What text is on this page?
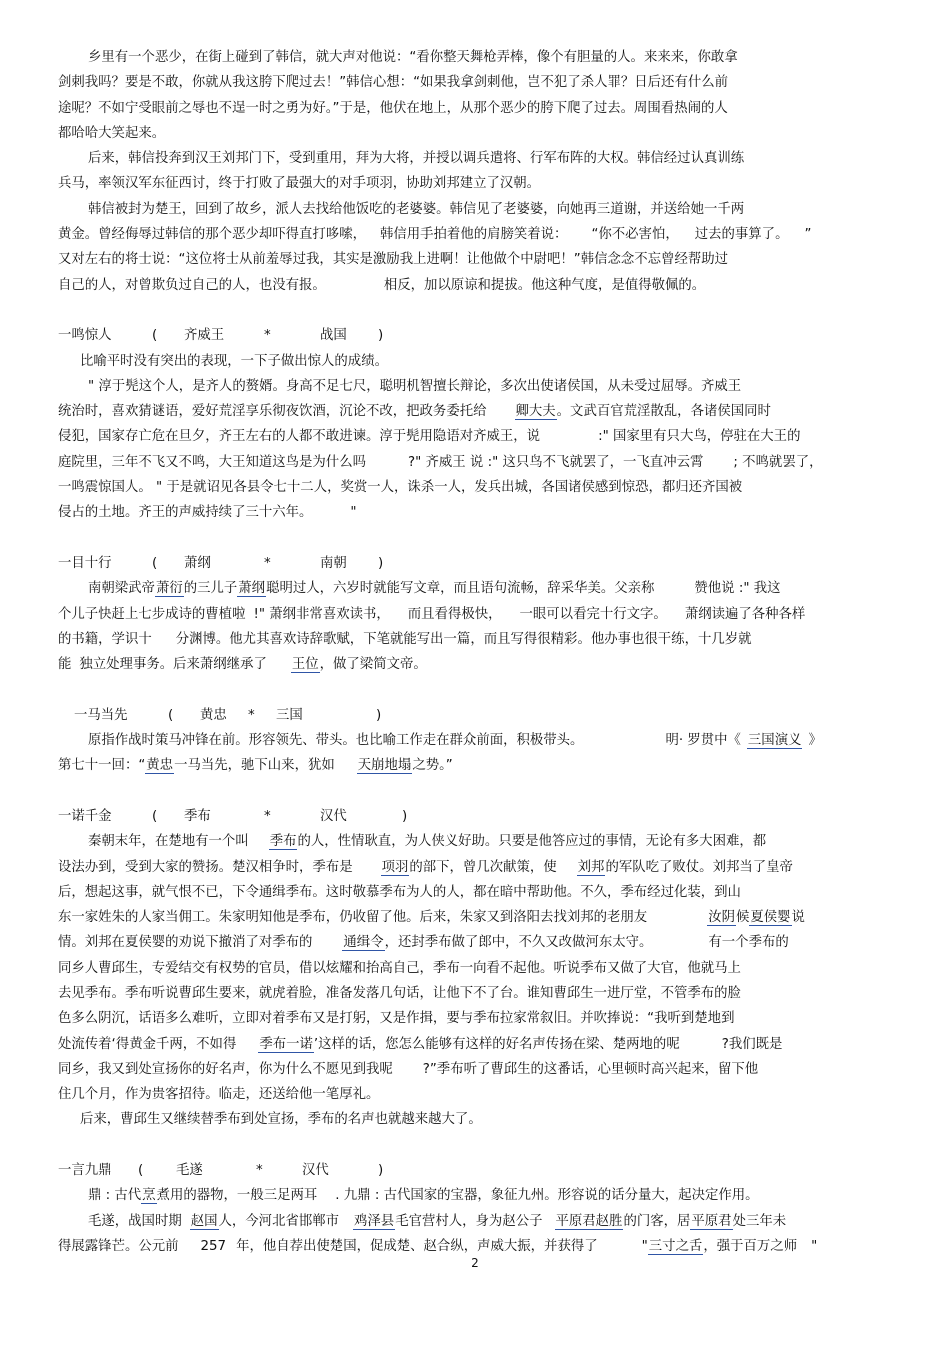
乡里有一个恶少，在街上碰到了韩信，就大声对他说：“看你整天舞枪弄棒，像个有胆量的人。来来来，你敢拿
剑刺我吗？要是不敢，你就从我这胯下爬过去！”韩信心想：“如果我拿剑刺他，岂不犯了杀人罪？日后还有什么前
途呢？不如宁受眼前之辱也不逞一时之勇为好。”于是，他伏在地上，从那个恶少的胯下爬了过去。周围看热闹的人
都哈哈大笑起来。
后来，韩信投奔到汉王刘邦门下，受到重用，拜为大将，并授以调兵遣将、行军布阵的大权。韩信经过认真训练
兵马，率领汉军东征西讨，终于打败了最强大的对手项羽，协助刘邦建立了汉朝。
韩信被封为楚王，回到了故乡，派人去找给他饭吃的老婆婆。韩信见了老婆婆，向她再三道谢，并送给她一千两
黄金。曾经侮辱过韩信的那个恶少却吓得直打哆嗦， 韩信用手拍着他的肩膀笑着说： “你不必害怕， 过去的事算了。 ”
又对左右的将士说：“这位将士从前羞辱过我，其实是激励我上进啊！让他做个中尉吧！”韩信念念不忘曾经帮助过
自己的人，对曾欺负过自己的人，也没有报。	相反，加以原谅和提拔。他这种气度，是值得敬佩的。
一鸣惊人	( 齐威王	*	战国 )
比喻平时没有突出的表现，一下子做出惊人的成绩。
" 淳于髡这个人，是齐人的赘婿。身高不足七尺，聪明机智擅长辩论，多次出使诸侯国，从未受过屈辱。齐威王
统治时，喜欢猜谜语，爱好荒淫享乐彻夜饮酒，沉论不改，把政务委托给 卿大夫。文武百官荒淫散乱，各诸侯国同时
侵犯，国家存亡危在旦夕，齐王左右的人都不敢进谏。淳于髡用隐语对齐威王，说	:" 国家里有只大鸟，停驻在大王的
庭院里，三年不飞又不鸣，大王知道这鸟是为什么吗	?" 齐威王 说 :" 这只鸟不飞就罢了，一飞直冲云霄 ; 不鸣就罢了，
一鸣震惊国人。 " 于是就诏见各县令七十二人，奖赏一人，诛杀一人，发兵出城，各国诸侯感到惊恐，都归还齐国被
侵占的土地。齐王的声威持续了三十六年。	"
一目十行	( 萧纲	*	南朝 )
南朝梁武帝萧衍的三儿子萧纲聪明过人，六岁时就能写文章，而且语句流畅，辞采华美。父亲称	赞他说 :" 我这
个儿子快赶上七步成诗的曹植啦 !" 萧纲非常喜欢读书， 而且看得极快， 一眼可以看完十行文字。 萧纲读遍了各种各样
的书籍，学识十 分渊博。他尤其喜欢诗辞歌赋，下笔就能写出一篇，而且写得很精彩。他办事也很干练，十几岁就
能 独立处理事务。后来萧纲继承了 王位，做了梁简文帝。
一马当先	( 黄忠 * 三国	)
原指作战时策马冲锋在前。形容领先、带头。也比喻工作走在群众前面，积极带头。	明· 罗贯中《 三国演义 》
第七十一回：“黄忠一马当先，驰下山来，犹如 天崩地塌之势。”
一诺千金	( 季布	*	汉代	)
秦朝末年，在楚地有一个叫 季布的人，性情耿直，为人侠义好助。只要是他答应过的事情，无论有多大困难，都
设法办到，受到大家的赞扬。楚汉相争时，季布是 项羽的部下，曾几次献策，使 刘邦的军队吃了败仗。刘邦当了皇帝
后，想起这事，就气恨不已，下令通缉季布。这时敬慕季布为人的人，都在暗中帮助他。不久，季布经过化装，到山
东一家姓朱的人家当佣工。朱家明知他是季布，仍收留了他。后来，朱家又到洛阳去找刘邦的老朋友	汝阴候夏侯婴说
情。刘邦在夏侯婴的劝说下撤消了对季布的 通缉令，还封季布做了郎中，不久又改做河东太守。	有一个季布的
同乡人曹邱生，专爱结交有权势的官员，借以炫耀和抬高自己，季布一向看不起他。听说季布又做了大官，他就马上
去见季布。季布听说曹邱生要来，就虎着脸，准备发落几句话，让他下不了台。谁知曹邱生一进厅堂，不管季布的脸
色多么阴沉，话语多么难听，立即对着季布又是打躬，又是作揖，要与季布拉家常叙旧。并吹捧说：“我听到楚地到
处流传着‘得黄金千两，不如得 季布一诺’这样的话，您怎么能够有这样的好名声传扬在梁、楚两地的呢	?我们既是
同乡，我又到处宣扬你的好名声，你为什么不愿见到我呢 ?”季布听了曹邱生的这番话，心里顿时高兴起来，留下他
住几个月，作为贵客招待。临走，还送给他一笔厚礼。
后来，曹邱生又继续替季布到处宣扬，季布的名声也就越来越大了。
一言九鼎 ( 毛遂	*	汉代	)
鼎 : 古代烹煮用的器物，一般三足两耳 . 九鼎 : 古代国家的宝器，象征九州。形容说的话分量大，起决定作用。
毛遂，战国时期 赵国人，今河北省邯郸市 鸡泽县毛官营村人，身为赵公子 平原君赵胜的门客，居平原君处三年未
得展露锋芒。公元前 257 年，他自荐出使楚国，促成楚、赵合纵，声威大振，并获得了	"三寸之舌，强于百万之师 "
2
